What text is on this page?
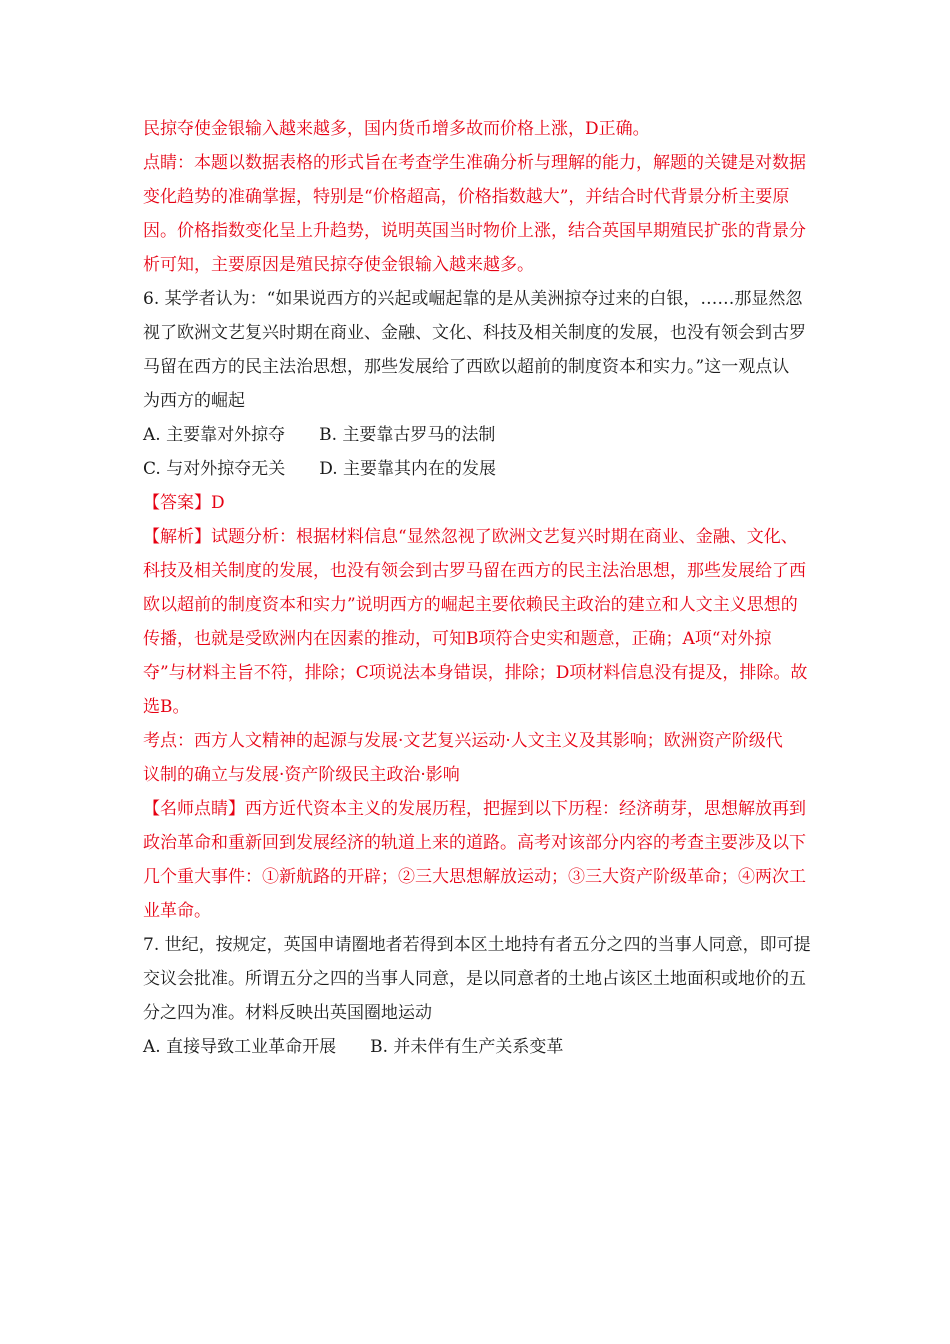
民掠夺使金银输入越来越多，国内货币增多故而价格上涨，D正确。
点睛：本题以数据表格的形式旨在考查学生准确分析与理解的能力，解题的关键是对数据
变化趋势的准确掌握，特别是“价格超高，价格指数越大”，并结合时代背景分析主要原
因。价格指数变化呈上升趋势，说明英国当时物价上涨，结合英国早期殖民扩张的背景分
析可知，主要原因是殖民掠夺使金银输入越来越多。
6. 某学者认为：“如果说西方的兴起或崛起靠的是从美洲掠夺过来的白银，……那显然忽
视了欧洲文艺复兴时期在商业、金融、文化、科技及相关制度的发展，也没有领会到古罗
马留在西方的民主法治思想，那些发展给了西欧以超前的制度资本和实力。”这一观点认
为西方的崛起
A. 主要靠对外掠夺 B. 主要靠古罗马的法制
C. 与对外掠夺无关 D. 主要靠其内在的发展
【答案】D
【解析】试题分析：根据材料信息“显然忽视了欧洲文艺复兴时期在商业、金融、文化、
科技及相关制度的发展，也没有领会到古罗马留在西方的民主法治思想，那些发展给了西
欧以超前的制度资本和实力”说明西方的崛起主要依赖民主政治的建立和人文主义思想的
传播，也就是受欧洲内在因素的推动，可知B项符合史实和题意，正确；A项“对外掠
夺”与材料主旨不符，排除；C项说法本身错误，排除；D项材料信息没有提及，排除。故
选B。
考点：西方人文精神的起源与发展·文艺复兴运动·人文主义及其影响；欧洲资产阶级代
议制的确立与发展·资产阶级民主政治·影响
【名师点睛】西方近代资本主义的发展历程，把握到以下历程：经济萌芽，思想解放再到
政治革命和重新回到发展经济的轨道上来的道路。高考对该部分内容的考查主要涉及以下
几个重大事件：①新航路的开辟；②三大思想解放运动；③三大资产阶级革命；④两次工
业革命。
7. 世纪，按规定，英国申请圈地者若得到本区土地持有者五分之四的当事人同意，即可提
交议会批准。所谓五分之四的当事人同意，是以同意者的土地占该区土地面积或地价的五
分之四为准。材料反映出英国圈地运动
A. 直接导致工业革命开展 B. 并未伴有生产关系变革
